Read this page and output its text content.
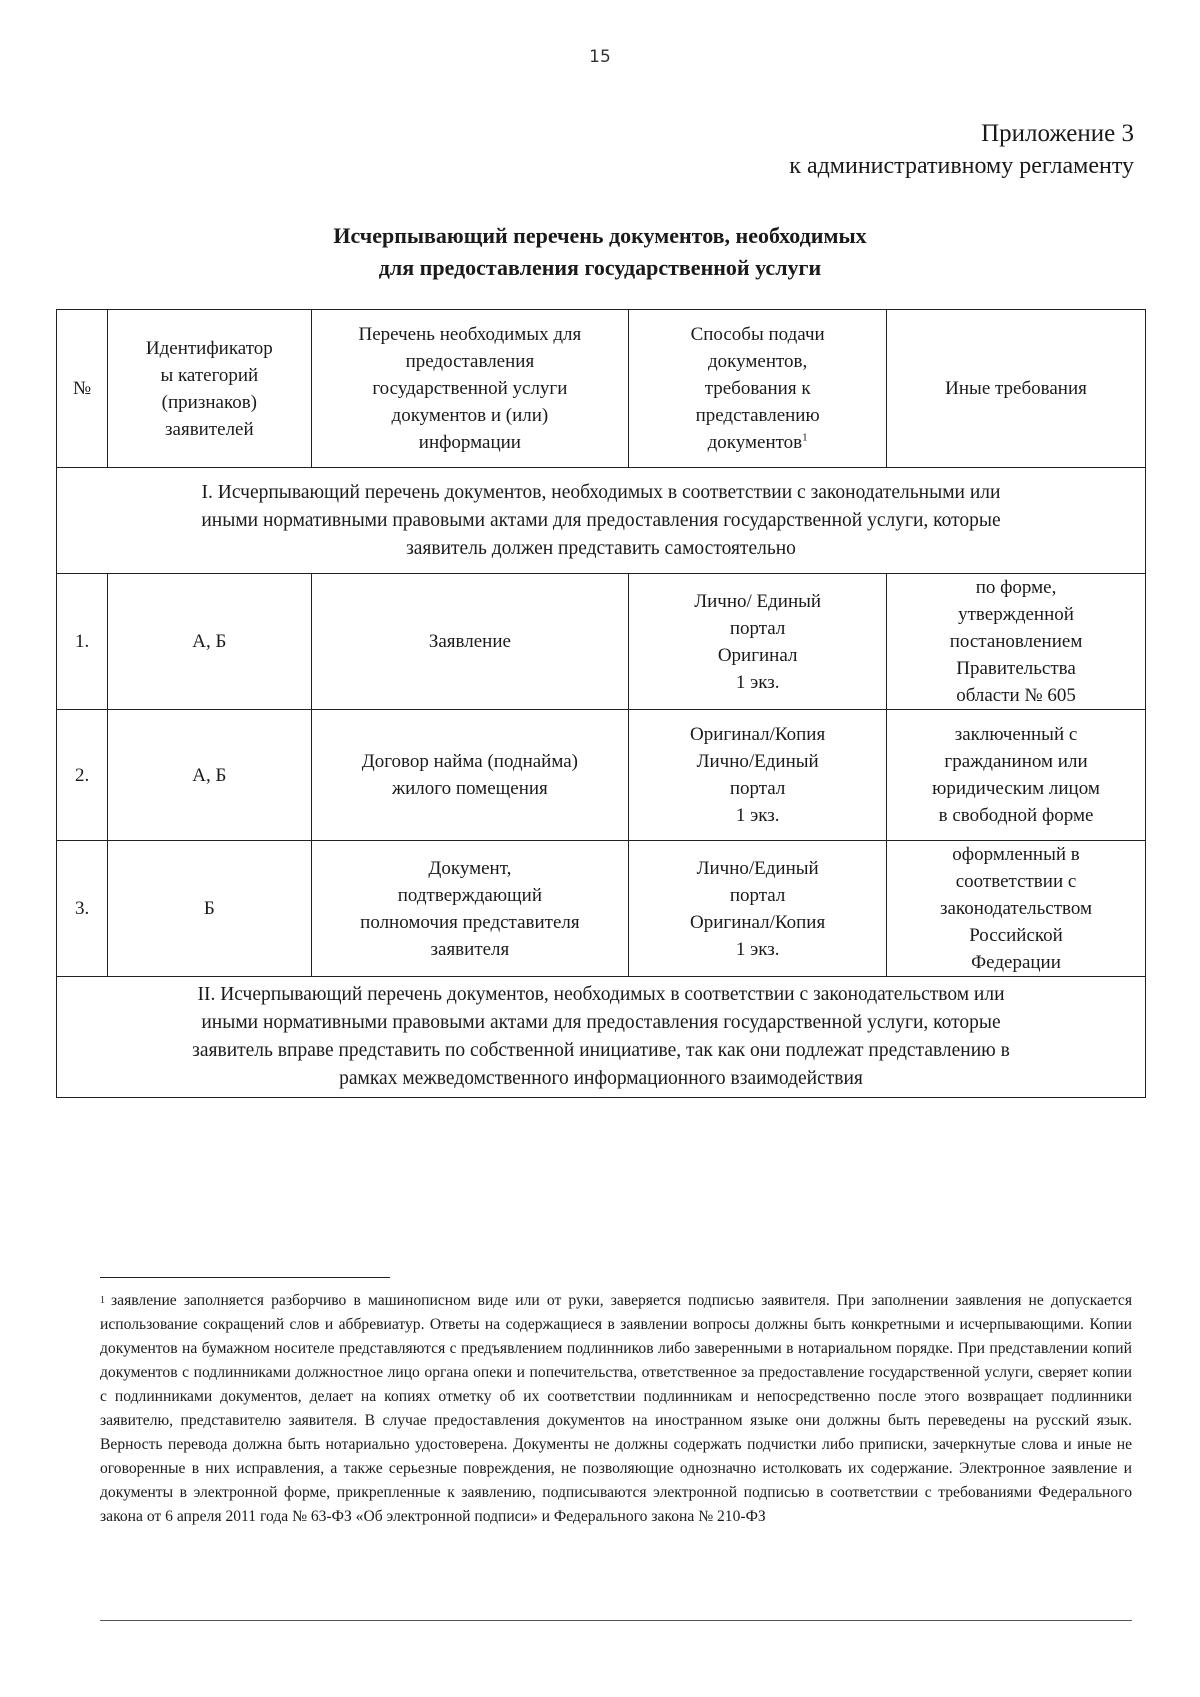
15
Приложение 3
к административному регламенту
Исчерпывающий перечень документов, необходимых
для предоставления государственной услуги
№	Идентификатор
ы категорий
(признаков)
заявителей	Перечень необходимых для
предоставления
государственной услуги
документов и (или)
информации	Способы подачи
документов,
требования к
представлению
документов$^1$	Иные требования
I. Исчерпывающий перечень документов, необходимых в соответствии с законодательными или
иными нормативными правовыми актами для предоставления государственной услуги, которые
заявитель должен представить самостоятельно				
1.	А, Б	Заявление	Лично/ Единый
портал
Оригинал
1 экз.	по форме,
утвержденной
постановлением
Правительства
области № 605
2.	А, Б	Договор найма (поднайма)
жилого помещения	Оригинал/Копия
Лично/Единый
портал
1 экз.	заключенный с
гражданином или
юридическим лицом
в свободной форме
3.	Б	Документ,
подтверждающий
полномочия представителя
заявителя	Лично/Единый
портал
Оригинал/Копия
1 экз.	оформленный в
соответствии с
законодательством
Российской
Федерации
II. Исчерпывающий перечень документов, необходимых в соответствии с законодательством или
иными нормативными правовыми актами для предоставления государственной услуги, которые
заявитель вправе представить по собственной инициативе, так как они подлежат представлению в
рамках межведомственного информационного взаимодействия				
$^1$ заявление заполняется разборчиво в машинописном виде или от руки, заверяется подписью заявителя. При заполнении заявления не допускается использование сокращений слов и аббревиатур. Ответы на содержащиеся в заявлении вопросы должны быть конкретными и исчерпывающими. Копии документов на бумажном носителе представляются с предъявлением подлинников либо заверенными в нотариальном порядке. При представлении копий документов с подлинниками должностное лицо органа опеки и попечительства, ответственное за предоставление государственной услуги, сверяет копии с подлинниками документов, делает на копиях отметку об их соответствии подлинникам и непосредственно после этого возвращает подлинники заявителю, представителю заявителя. В случае предоставления документов на иностранном языке они должны быть переведены на русский язык. Верность перевода должна быть нотариально удостоверена. Документы не должны содержать подчистки либо приписки, зачеркнутые слова и иные не оговоренные в них исправления, а также серьезные повреждения, не позволяющие однозначно истолковать их содержание. Электронное заявление и документы в электронной форме, прикрепленные к заявлению, подписываются электронной подписью в соответствии с требованиями Федерального закона от 6 апреля 2011 года № 63-ФЗ «Об электронной подписи» и Федерального закона № 210-ФЗ
